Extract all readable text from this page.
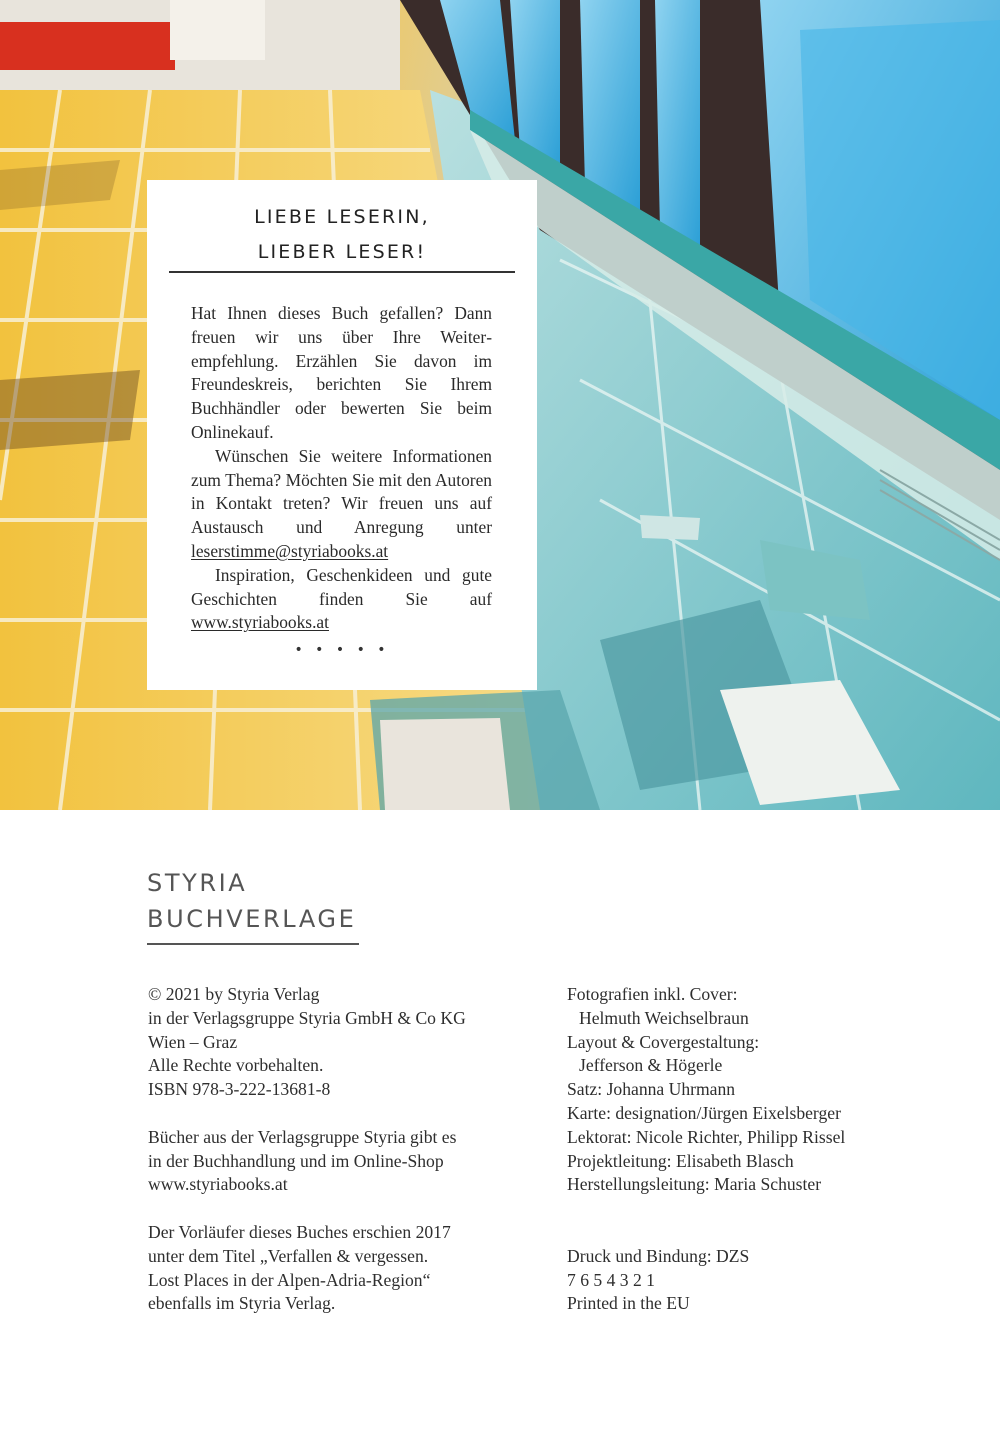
LIEBE LESERIN,
LIEBER LESER!

Hat Ihnen dieses Buch gefallen? Dann freuen wir uns über Ihre Weiterempfehlung. Erzählen Sie davon im Freundeskreis, berichten Sie Ihrem Buchhändler oder bewerten Sie beim Onlinekauf.

Wünschen Sie weitere Informationen zum Thema? Möchten Sie mit den Autoren in Kontakt treten? Wir freuen uns auf Austausch und Anregung unter leserstimme@styriabooks.at

Inspiration, Geschenkideen und gute Geschichten finden Sie auf www.styriabooks.at

• • • • •
STYRIA
BUCHVERLAGE
© 2021 by Styria Verlag
in der Verlagsgruppe Styria GmbH & Co KG
Wien – Graz
Alle Rechte vorbehalten.
ISBN 978-3-222-13681-8
Bücher aus der Verlagsgruppe Styria gibt es
in der Buchhandlung und im Online-Shop
www.styriabooks.at
Der Vorläufer dieses Buches erschien 2017
unter dem Titel „Verfallen & vergessen.
Lost Places in der Alpen-Adria-Region“
ebenfalls im Styria Verlag.
Fotografien inkl. Cover:
Helmuth Weichselbraun
Layout & Covergestaltung:
Jefferson & Högerle
Satz: Johanna Uhrmann
Karte: designation/Jürgen Eixelsberger
Lektorat: Nicole Richter, Philipp Rissel
Projektleitung: Elisabeth Blasch
Herstellungsleitung: Maria Schuster
Druck und Bindung: DZS
7 6 5 4 3 2 1
Printed in the EU
